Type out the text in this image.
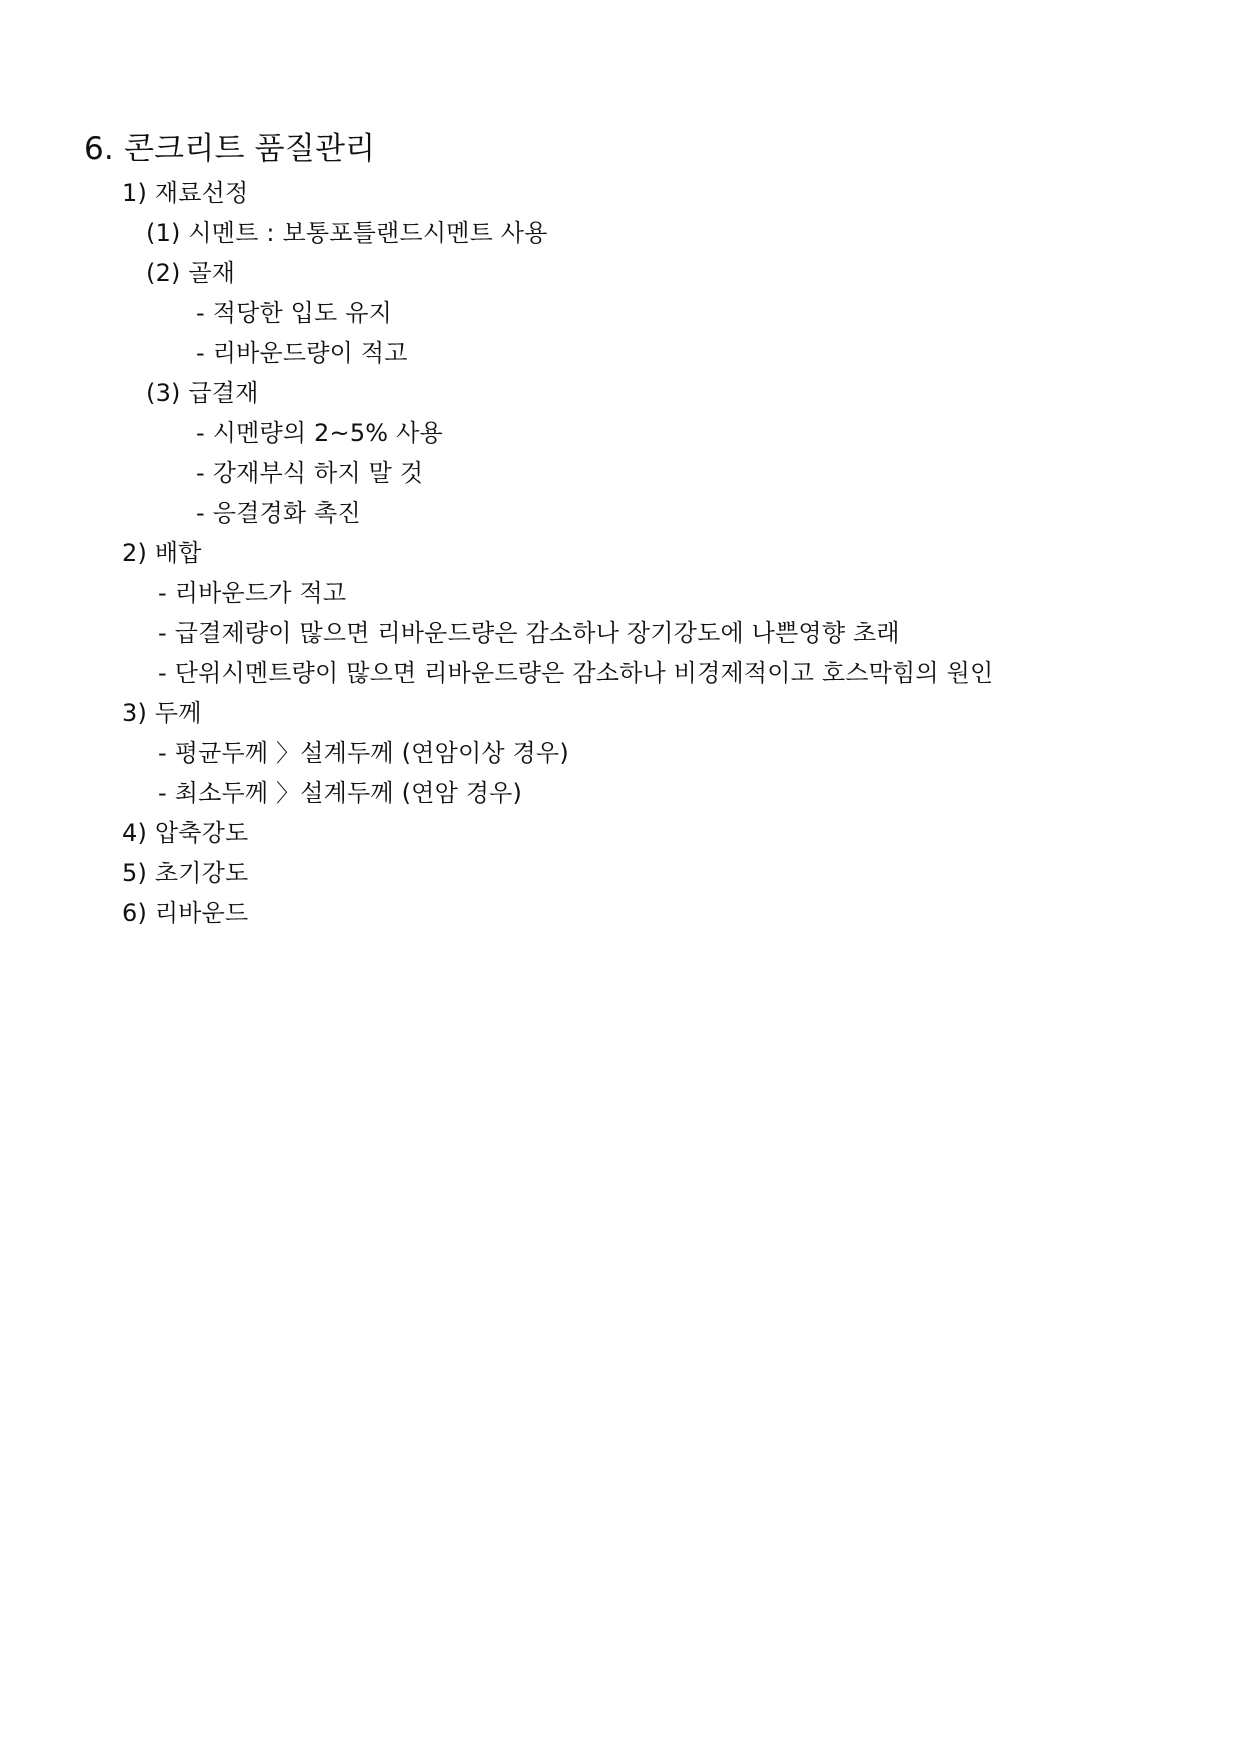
6. 콘크리트 품질관리
1) 재료선정
(1) 시멘트 : 보통포틀랜드시멘트 사용
(2) 골재
- 적당한 입도 유지
- 리바운드량이 적고
(3) 급결재
- 시멘량의 2~5% 사용
- 강재부식 하지 말 것
- 응결경화 촉진
2) 배합
- 리바운드가 적고
- 급결제량이 많으면 리바운드량은 감소하나 장기강도에 나쁜영향 초래
- 단위시멘트량이 많으면 리바운드량은 감소하나 비경제적이고 호스막힘의 원인
3) 두께
- 평균두께 〉설계두께 (연암이상 경우)
- 최소두께 〉설계두께 (연암 경우)
4) 압축강도
5) 초기강도
6) 리바운드
